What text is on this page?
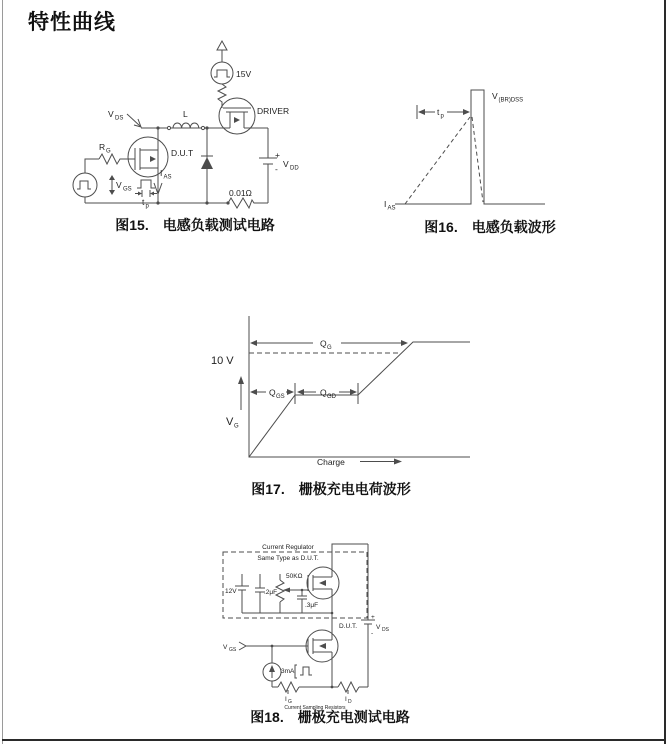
特性曲线
15V
DRIVER
V DS	L
D.U.T
R G
V GS
t p
I AS
0.01Ω
+
- V DD
图15. 电感负载测试电路
t p
V (BR)DSS
I AS
图16. 电感负载波形
Q G
Q GS	Q GD
10 V
V G
Charge
图17. 栅极充电电荷波形
Current Regulator
Same Type as D.U.T.
12V	.2μF
50KΩ
.3μF
D.U.T.
V GS
3mA
I G	I D
Current Sampling Resistors
+
-
V DS
图18. 栅极充电测试电路
